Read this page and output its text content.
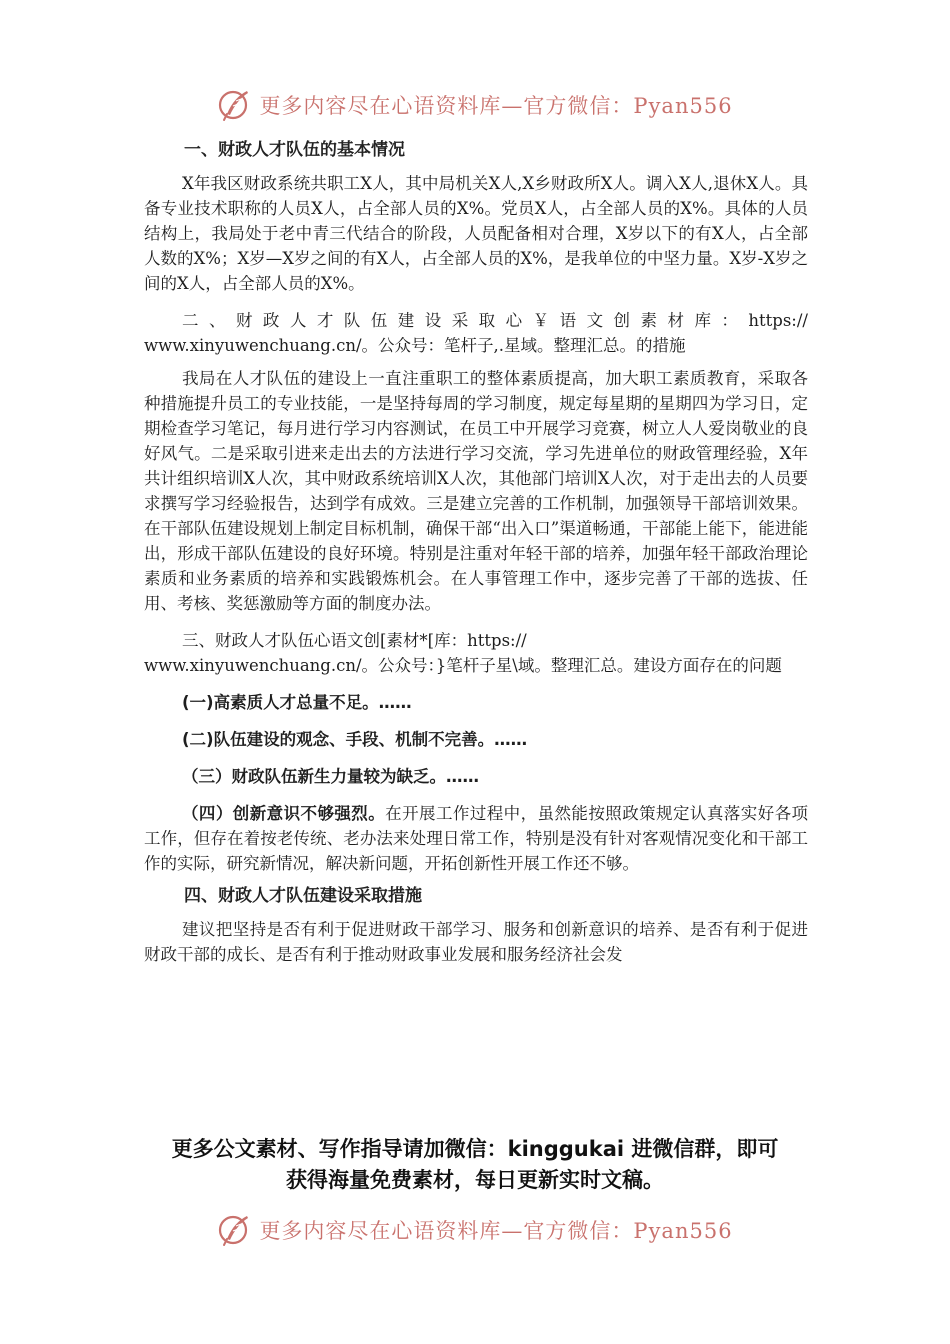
更多内容尽在心语资料库—官方微信：Pyan556

一、财政人才队伍的基本情况

X年我区财政系统共职工X人，其中局机关X人,X乡财政所X人。调入X人,退休X人。具备专业技术职称的人员X人，占全部人员的X%。党员X人，占全部人员的X%。具体的人员结构上，我局处于老中青三代结合的阶段，人员配备相对合理，X岁以下的有X人，占全部人数的X%；X岁—X岁之间的有X人，占全部人员的X%，是我单位的中坚力量。X岁-X岁之间的X人，占全部人员的X%。

二、财政人才队伍建设采取心￥语文创素材库：https://

www.xinyuwenchuang.cn/。公众号：笔杆子,.星域。整理汇总。的措施

我局在人才队伍的建设上一直注重职工的整体素质提高，加大职工素质教育，采取各种措施提升员工的专业技能，一是坚持每周的学习制度，规定每星期的星期四为学习日，定期检查学习笔记，每月进行学习内容测试，在员工中开展学习竞赛，树立人人爱岗敬业的良好风气。二是采取引进来走出去的方法进行学习交流，学习先进单位的财政管理经验，X年共计组织培训X人次，其中财政系统培训X人次，其他部门培训X人次，对于走出去的人员要求撰写学习经验报告，达到学有成效。三是建立完善的工作机制，加强领导干部培训效果。在干部队伍建设规划上制定目标机制，确保干部“出入口”渠道畅通，干部能上能下，能进能出，形成干部队伍建设的良好环境。特别是注重对年轻干部的培养，加强年轻干部政治理论素质和业务素质的培养和实践锻炼机会。在人事管理工作中，逐步完善了干部的选拔、任用、考核、奖惩激励等方面的制度办法。

三、财政人才队伍心语文创[素材*[库：https://

www.xinyuwenchuang.cn/。公众号：}笔杆子星\域。整理汇总。建设方面存在的问题

(一)高素质人才总量不足。……

(二)队伍建设的观念、手段、机制不完善。……

（三）财政队伍新生力量较为缺乏。……

（四）创新意识不够强烈。在开展工作过程中，虽然能按照政策规定认真落实好各项工作，但存在着按老传统、老办法来处理日常工作，特别是没有针对客观情况变化和干部工作的实际，研究新情况，解决新问题，开拓创新性开展工作还不够。

四、财政人才队伍建设采取措施

建议把坚持是否有利于促进财政干部学习、服务和创新意识的培养、是否有利于促进财政干部的成长、是否有利于推动财政事业发展和服务经济社会发

更多公文素材、写作指导请加微信：kinggukai 进微信群，即可
获得海量免费素材，每日更新实时文稿。
更多内容尽在心语资料库—官方微信：Pyan556
